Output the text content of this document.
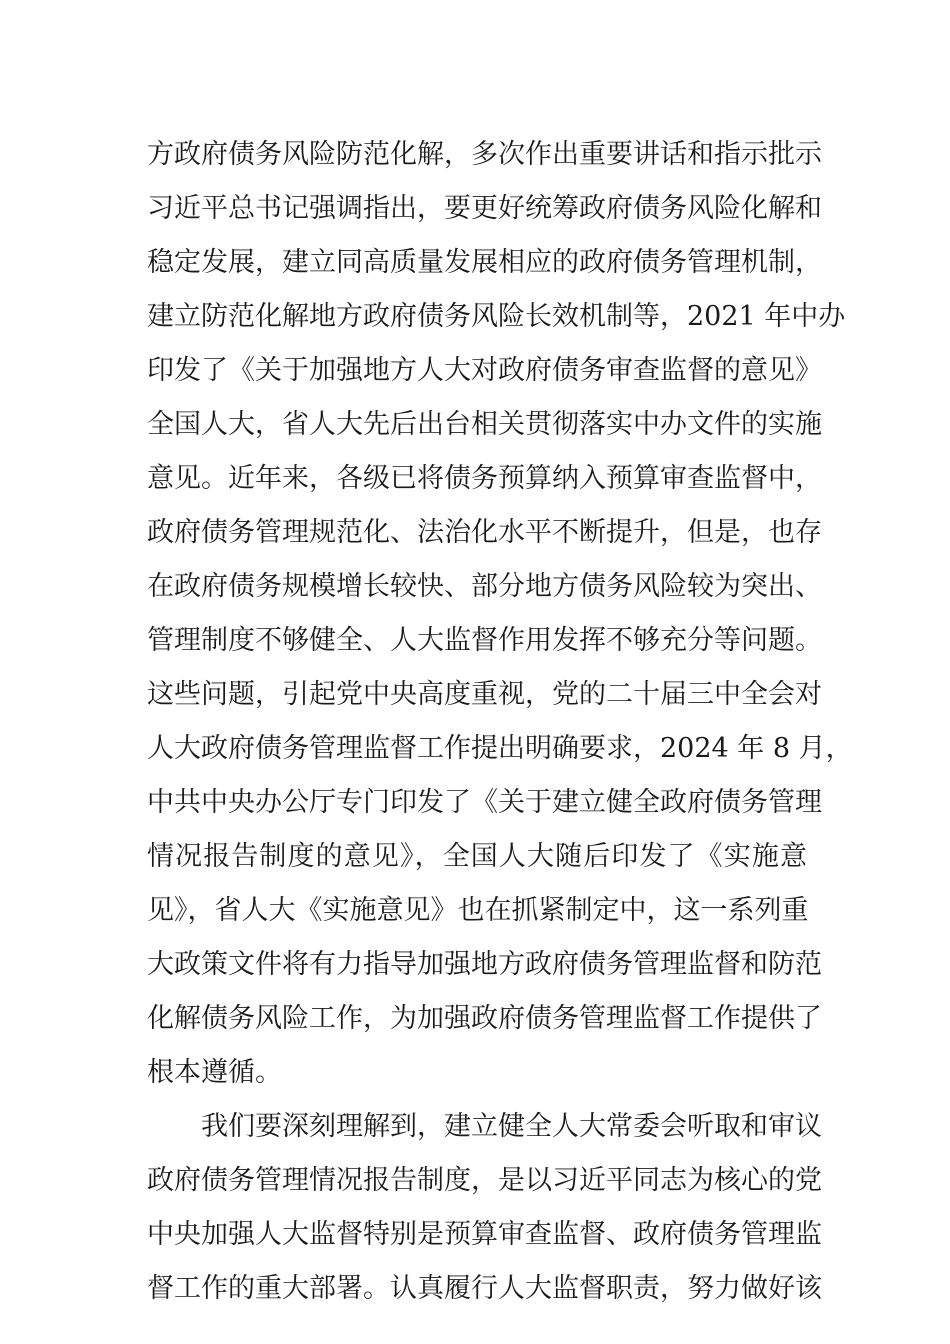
方政府债务风险防范化解，多次作出重要讲话和指示批示
习近平总书记强调指出，要更好统筹政府债务风险化解和
稳定发展，建立同高质量发展相应的政府债务管理机制，
建立防范化解地方政府债务风险长效机制等，2021 年中办
印发了《关于加强地方人大对政府债务审查监督的意见》
全国人大，省人大先后出台相关贯彻落实中办文件的实施
意见。近年来，各级已将债务预算纳入预算审查监督中，
政府债务管理规范化、法治化水平不断提升，但是，也存
在政府债务规模增长较快、部分地方债务风险较为突出、
管理制度不够健全、人大监督作用发挥不够充分等问题。
这些问题，引起党中央高度重视，党的二十届三中全会对
人大政府债务管理监督工作提出明确要求，2024 年 8 月，
中共中央办公厅专门印发了《关于建立健全政府债务管理
情况报告制度的意见》，全国人大随后印发了《实施意
见》，省人大《实施意见》也在抓紧制定中，这一系列重
大政策文件将有力指导加强地方政府债务管理监督和防范
化解债务风险工作，为加强政府债务管理监督工作提供了
根本遵循。
我们要深刻理解到，建立健全人大常委会听取和审议
政府债务管理情况报告制度，是以习近平同志为核心的党
中央加强人大监督特别是预算审查监督、政府债务管理监
督工作的重大部署。认真履行人大监督职责，努力做好该
